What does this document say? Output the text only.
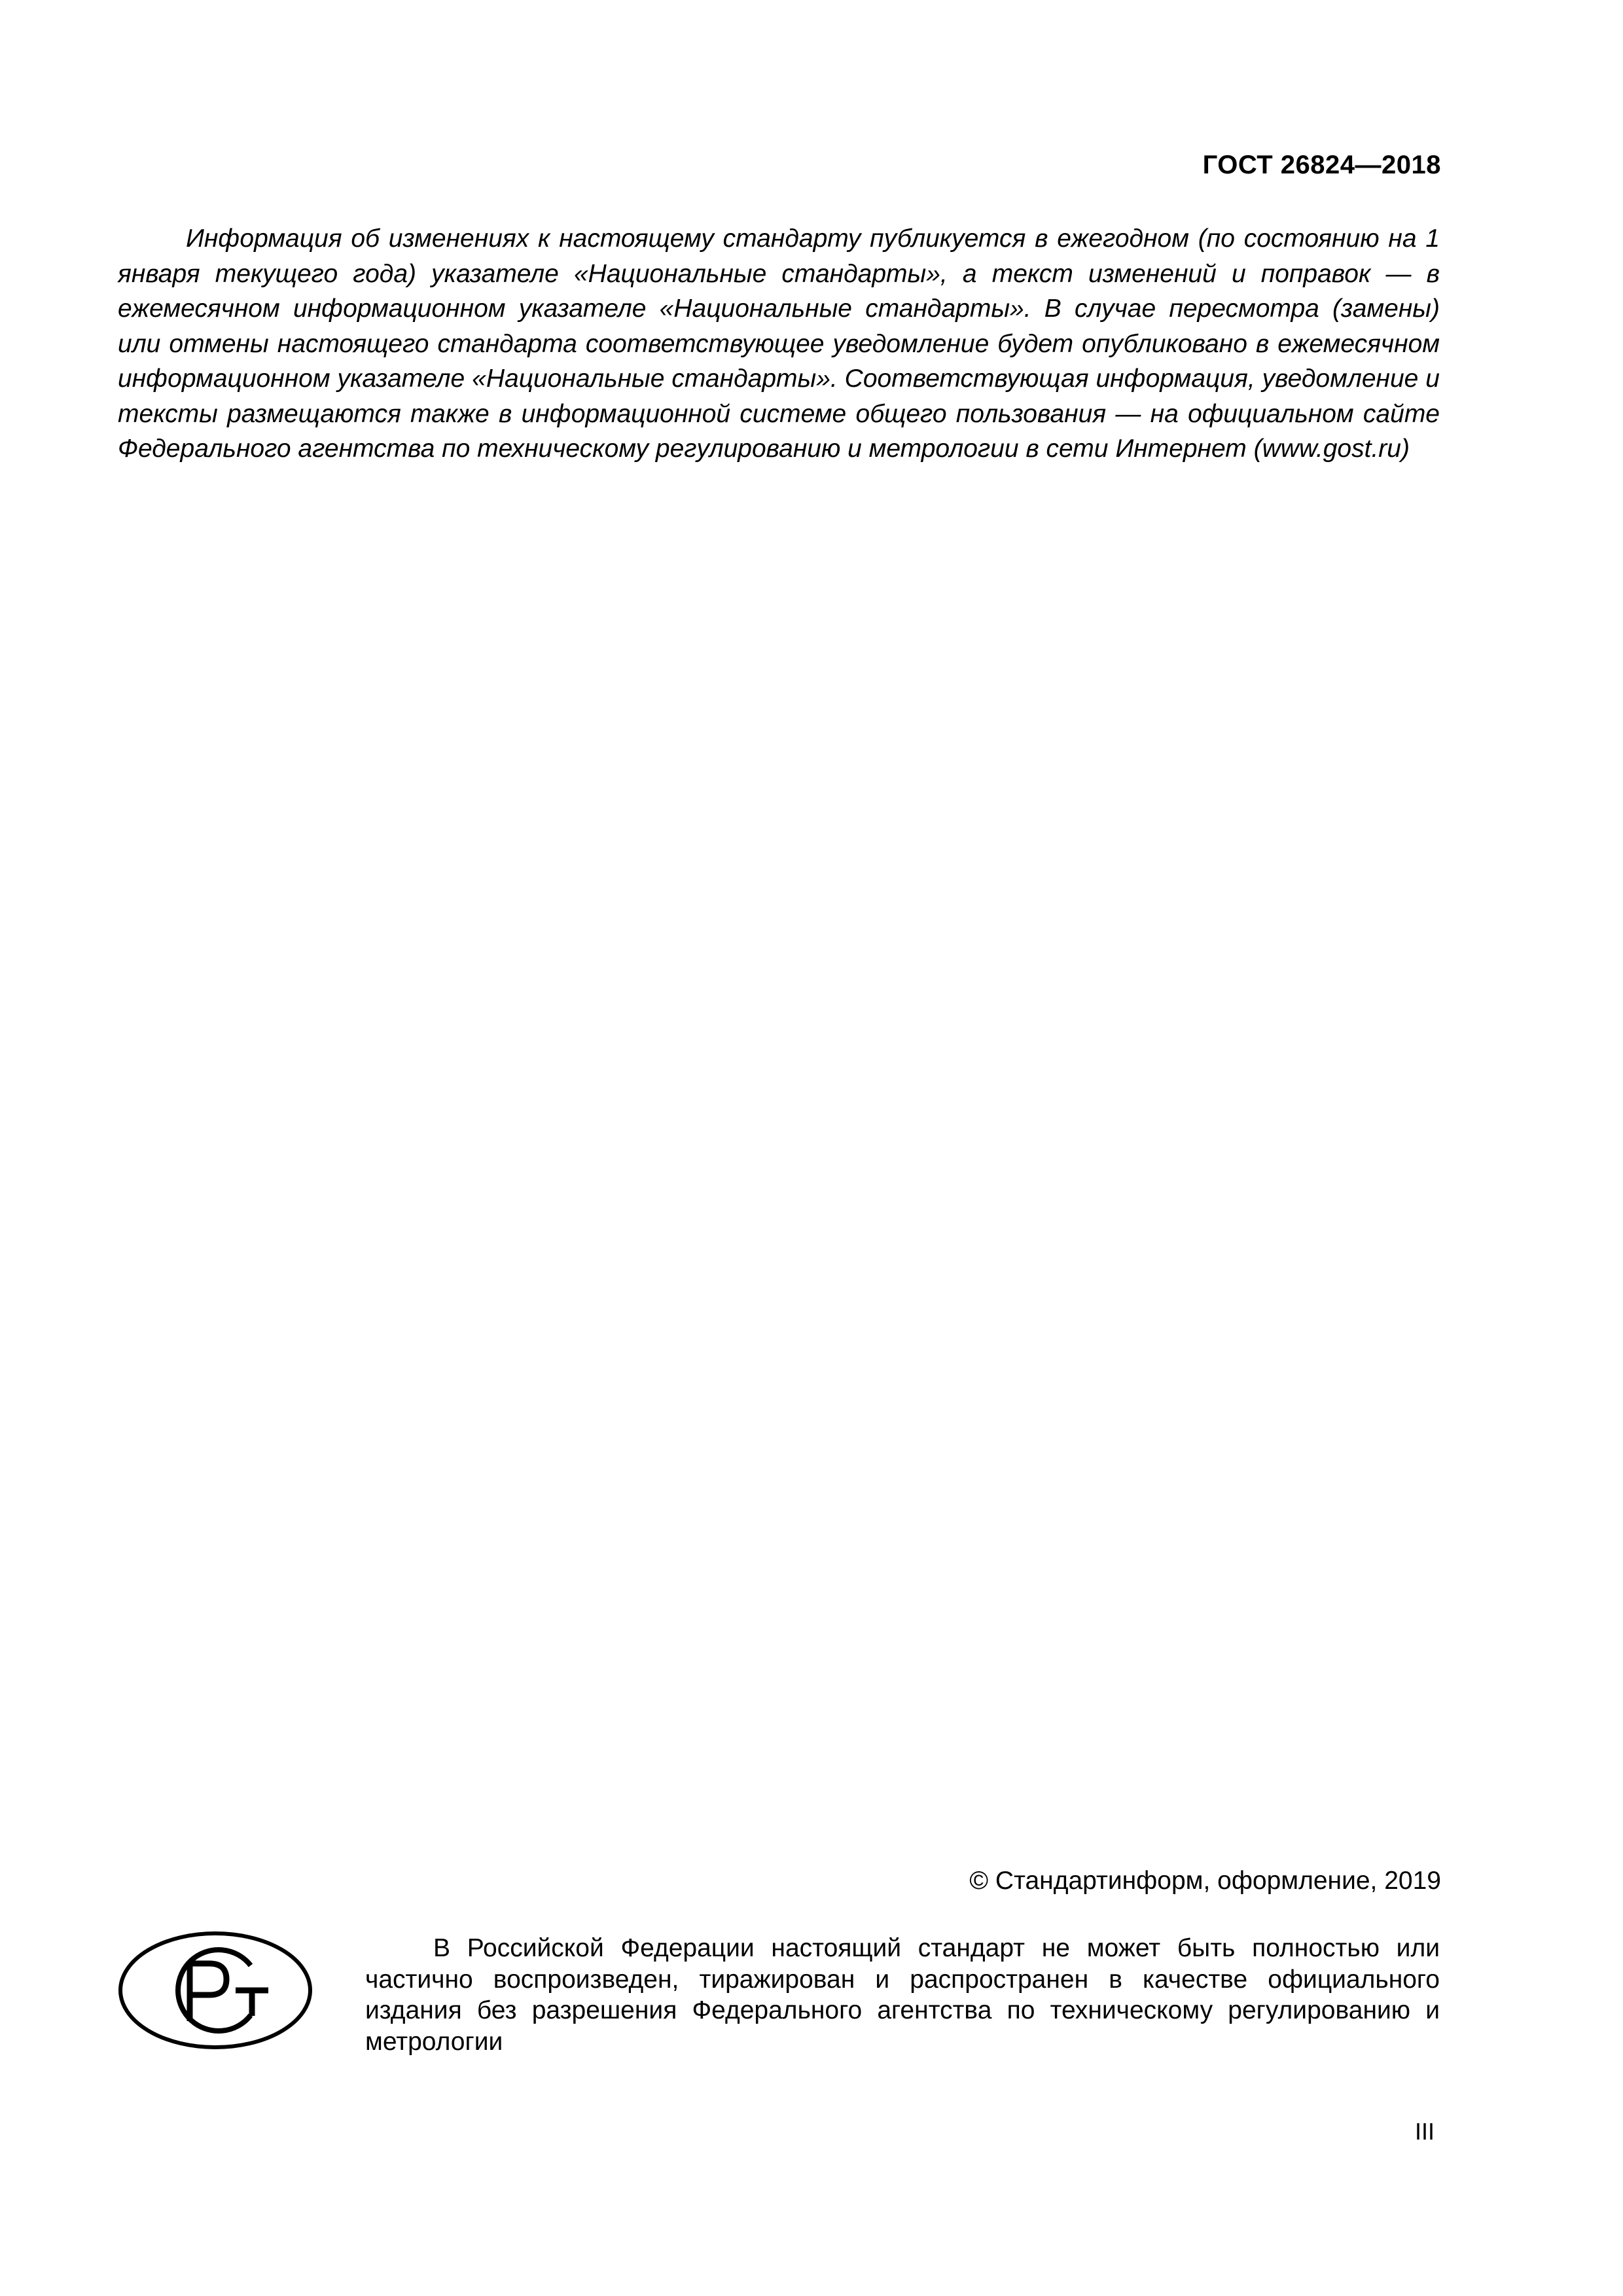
ГОСТ 26824—2018

Информация об изменениях к настоящему стандарту публикуется в ежегодном (по состоянию на 1 января текущего года) указателе «Национальные стандарты», а текст изменений и поправок — в ежемесячном информационном указателе «Национальные стандарты». В случае пересмотра (замены) или отмены настоящего стандарта соответствующее уведомление будет опубликовано в ежемесячном информационном указателе «Национальные стандарты». Соответствующая информация, уведомление и тексты размещаются также в информационной системе общего пользования — на официальном сайте Федерального агентства по техническому регулированию и метрологии в сети Интернет (www.gost.ru)

© Стандартинформ, оформление, 2019

В Российской Федерации настоящий стандарт не может быть полностью или частично воспроизведен, тиражирован и распространен в качестве официального издания без разрешения Федерального агентства по техническому регулированию и метрологии

III
